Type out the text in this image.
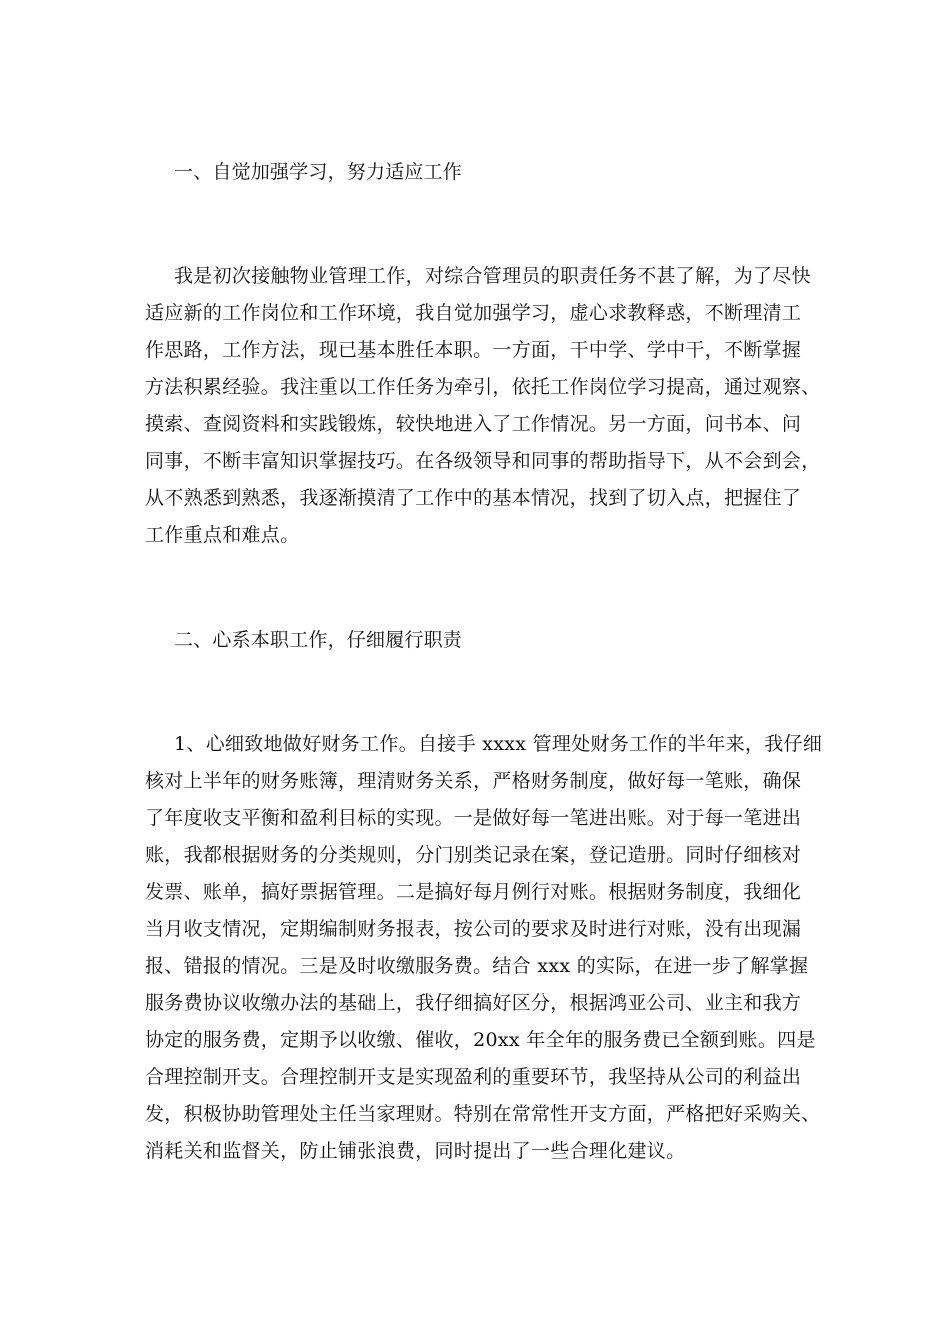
一、自觉加强学习，努力适应工作
我是初次接触物业管理工作，对综合管理员的职责任务不甚了解，为了尽快
适应新的工作岗位和工作环境，我自觉加强学习，虚心求教释惑，不断理清工
作思路，工作方法，现已基本胜任本职。一方面，干中学、学中干，不断掌握
方法积累经验。我注重以工作任务为牵引，依托工作岗位学习提高，通过观察、
摸索、查阅资料和实践锻炼，较快地进入了工作情况。另一方面，问书本、问
同事，不断丰富知识掌握技巧。在各级领导和同事的帮助指导下，从不会到会，
从不熟悉到熟悉，我逐渐摸清了工作中的基本情况，找到了切入点，把握住了
工作重点和难点。
二、心系本职工作，仔细履行职责
1、心细致地做好财务工作。自接手 xxxx 管理处财务工作的半年来，我仔细
核对上半年的财务账簿，理清财务关系，严格财务制度，做好每一笔账，确保
了年度收支平衡和盈利目标的实现。一是做好每一笔进出账。对于每一笔进出
账，我都根据财务的分类规则，分门别类记录在案，登记造册。同时仔细核对
发票、账单，搞好票据管理。二是搞好每月例行对账。根据财务制度，我细化
当月收支情况，定期编制财务报表，按公司的要求及时进行对账，没有出现漏
报、错报的情况。三是及时收缴服务费。结合 xxx 的实际，在进一步了解掌握
服务费协议收缴办法的基础上，我仔细搞好区分，根据鸿亚公司、业主和我方
协定的服务费，定期予以收缴、催收，20xx 年全年的服务费已全额到账。四是
合理控制开支。合理控制开支是实现盈利的重要环节，我坚持从公司的利益出
发，积极协助管理处主任当家理财。特别在常常性开支方面，严格把好采购关、
消耗关和监督关，防止铺张浪费，同时提出了一些合理化建议。
